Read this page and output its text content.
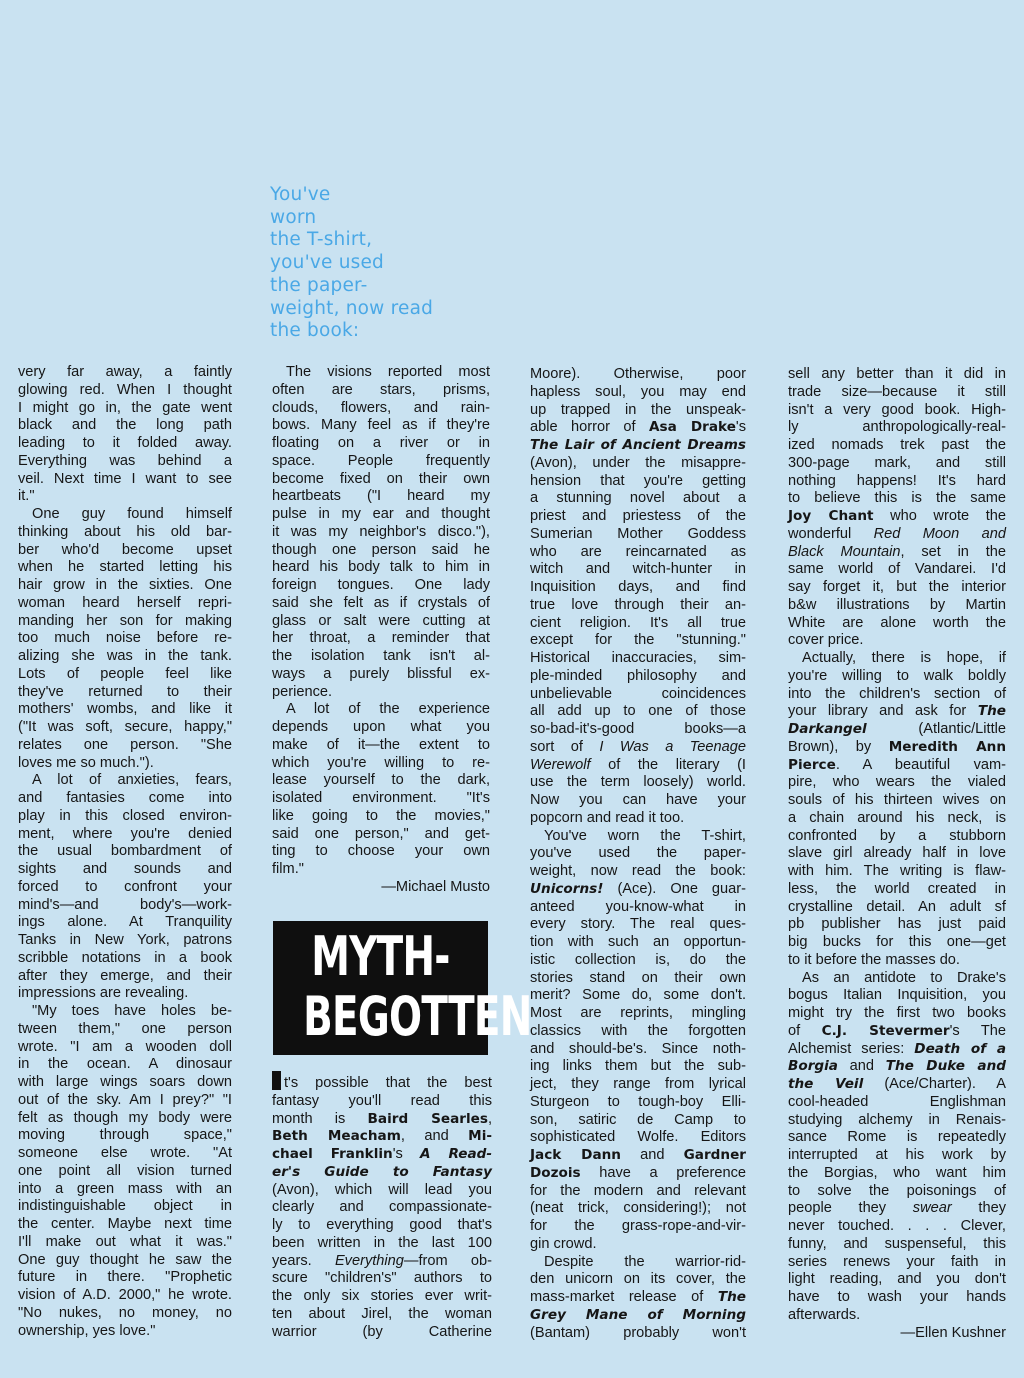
You've
worn
the T-shirt,
you've used
the paper-
weight, now read
the book:
very far away, a faintly
glowing red. When I thought
I might go in, the gate went
black and the long path
leading to it folded away.
Everything was behind a
veil. Next time I want to see
it."
One guy found himself
thinking about his old bar-
ber who'd become upset
when he started letting his
hair grow in the sixties. One
woman heard herself repri-
manding her son for making
too much noise before re-
alizing she was in the tank.
Lots of people feel like
they've returned to their
mothers' wombs, and like it
("It was soft, secure, happy,"
relates one person. "She
loves me so much.").
A lot of anxieties, fears,
and fantasies come into
play in this closed environ-
ment, where you're denied
the usual bombardment of
sights and sounds and
forced to confront your
mind's—and body's—work-
ings alone. At Tranquility
Tanks in New York, patrons
scribble notations in a book
after they emerge, and their
impressions are revealing.
"My toes have holes be-
tween them," one person
wrote. "I am a wooden doll
in the ocean. A dinosaur
with large wings soars down
out of the sky. Am I prey?" "I
felt as though my body were
moving through space,"
someone else wrote. "At
one point all vision turned
into a green mass with an
indistinguishable object in
the center. Maybe next time
I'll make out what it was."
One guy thought he saw the
future in there. "Prophetic
vision of A.D. 2000," he wrote.
"No nukes, no money, no
ownership, yes love."
The visions reported most
often are stars, prisms,
clouds, flowers, and rain-
bows. Many feel as if they're
floating on a river or in
space. People frequently
become fixed on their own
heartbeats ("I heard my
pulse in my ear and thought
it was my neighbor's disco."),
though one person said he
heard his body talk to him in
foreign tongues. One lady
said she felt as if crystals of
glass or salt were cutting at
her throat, a reminder that
the isolation tank isn't al-
ways a purely blissful ex-
perience.
A lot of the experience
depends upon what you
make of it—the extent to
which you're willing to re-
lease yourself to the dark,
isolated environment. "It's
like going to the movies,"
said one person," and get-
ting to choose your own
film."
—Michael Musto
MYTH-
BEGOTTEN
t's possible that the best
fantasy you'll read this
month is Baird Searles,
Beth Meacham, and Mi-
chael Franklin's A Read-
er's Guide to Fantasy
(Avon), which will lead you
clearly and compassionate-
ly to everything good that's
been written in the last 100
years. Everything—from ob-
scure "children's" authors to
the only six stories ever writ-
ten about Jirel, the woman
warrior (by Catherine
Moore). Otherwise, poor
hapless soul, you may end
up trapped in the unspeak-
able horror of Asa Drake's
The Lair of Ancient Dreams
(Avon), under the misappre-
hension that you're getting
a stunning novel about a
priest and priestess of the
Sumerian Mother Goddess
who are reincarnated as
witch and witch-hunter in
Inquisition days, and find
true love through their an-
cient religion. It's all true
except for the "stunning."
Historical inaccuracies, sim-
ple-minded philosophy and
unbelievable coincidences
all add up to one of those
so-bad-it's-good books—a
sort of I Was a Teenage
Werewolf of the literary (I
use the term loosely) world.
Now you can have your
popcorn and read it too.
You've worn the T-shirt,
you've used the paper-
weight, now read the book:
Unicorns! (Ace). One guar-
anteed you-know-what in
every story. The real ques-
tion with such an opportun-
istic collection is, do the
stories stand on their own
merit? Some do, some don't.
Most are reprints, mingling
classics with the forgotten
and should-be's. Since noth-
ing links them but the sub-
ject, they range from lyrical
Sturgeon to tough-boy Elli-
son, satiric de Camp to
sophisticated Wolfe. Editors
Jack Dann and Gardner
Dozois have a preference
for the modern and relevant
(neat trick, considering!); not
for the grass-rope-and-vir-
gin crowd.
Despite the warrior-rid-
den unicorn on its cover, the
mass-market release of The
Grey Mane of Morning
(Bantam) probably won't
sell any better than it did in
trade size—because it still
isn't a very good book. High-
ly anthropologically-real-
ized nomads trek past the
300-page mark, and still
nothing happens! It's hard
to believe this is the same
Joy Chant who wrote the
wonderful Red Moon and
Black Mountain, set in the
same world of Vandarei. I'd
say forget it, but the interior
b&w illustrations by Martin
White are alone worth the
cover price.
Actually, there is hope, if
you're willing to walk boldly
into the children's section of
your library and ask for The
Darkangel (Atlantic/Little
Brown), by Meredith Ann
Pierce. A beautiful vam-
pire, who wears the vialed
souls of his thirteen wives on
a chain around his neck, is
confronted by a stubborn
slave girl already half in love
with him. The writing is flaw-
less, the world created in
crystalline detail. An adult sf
pb publisher has just paid
big bucks for this one—get
to it before the masses do.
As an antidote to Drake's
bogus Italian Inquisition, you
might try the first two books
of C.J. Stevermer's The
Alchemist series: Death of a
Borgia and The Duke and
the Veil (Ace/Charter). A
cool-headed Englishman
studying alchemy in Renais-
sance Rome is repeatedly
interrupted at his work by
the Borgias, who want him
to solve the poisonings of
people they swear they
never touched. . . . Clever,
funny, and suspenseful, this
series renews your faith in
light reading, and you don't
have to wash your hands
afterwards.
—Ellen Kushner
